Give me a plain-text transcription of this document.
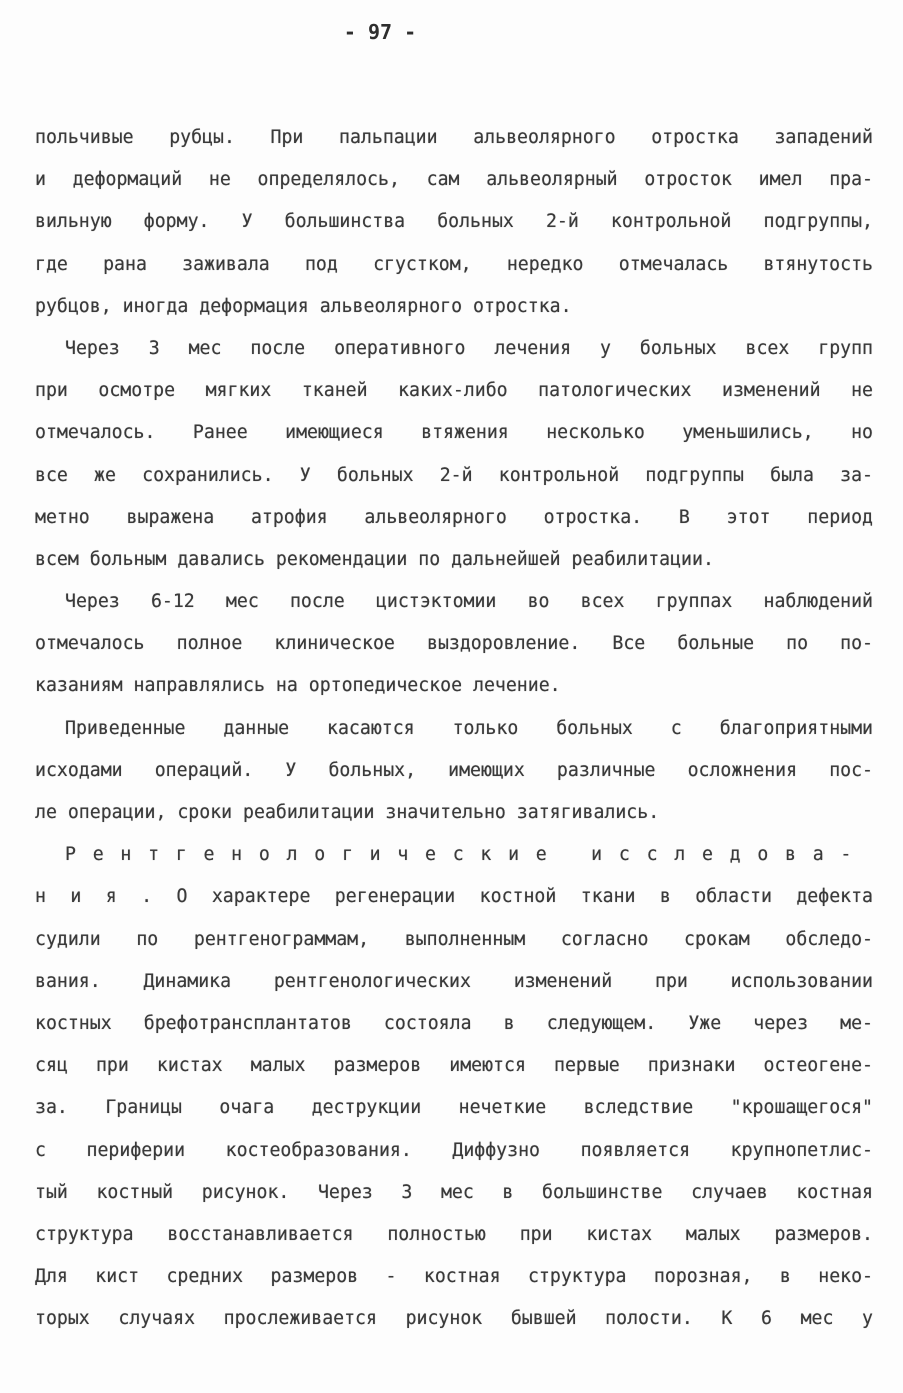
- 97 -
польчивые рубцы. При пальпации альвеолярного отростка западений
и деформаций не определялось, сам альвеолярный отросток имел пра-
вильную форму. У большинства больных 2-й контрольной подгруппы,
где рана заживала под сгустком, нередко отмечалась втянутость
рубцов, иногда деформация альвеолярного отростка.
Через 3 мес после оперативного лечения у больных всех групп
при осмотре мягких тканей каких-либо патологических изменений не
отмечалось. Ранее имеющиеся втяжения несколько уменьшились, но
все же сохранились. У больных 2-й контрольной подгруппы была за-
метно выражена атрофия альвеолярного отростка. В этот период
всем больным давались рекомендации по дальнейшей реабилитации.
Через 6-12 мес после цистэктомии во всех группах наблюдений
отмечалось полное клиническое выздоровление. Все больные по по-
казаниям направлялись на ортопедическое лечение.
Приведенные данные касаются только больных с благоприятными
исходами операций. У больных, имеющих различные осложнения пос-
ле операции, сроки реабилитации значительно затягивались.
Рентгенологические исследова-
н и я . О характере регенерации костной ткани в области дефекта
судили по рентгенограммам, выполненным согласно срокам обследо-
вания. Динамика рентгенологических изменений при использовании
костных брефотрансплантатов состояла в следующем. Уже через ме-
сяц при кистах малых размеров имеются первые признаки остеогене-
за. Границы очага деструкции нечеткие вследствие "крошащегося"
с периферии костеобразования. Диффузно появляется крупнопетлис-
тый костный рисунок. Через 3 мес в большинстве случаев костная
структура восстанавливается полностью при кистах малых размеров.
Для кист средних размеров - костная структура порозная, в неко-
торых случаях прослеживается рисунок бывшей полости. К 6 мес у
